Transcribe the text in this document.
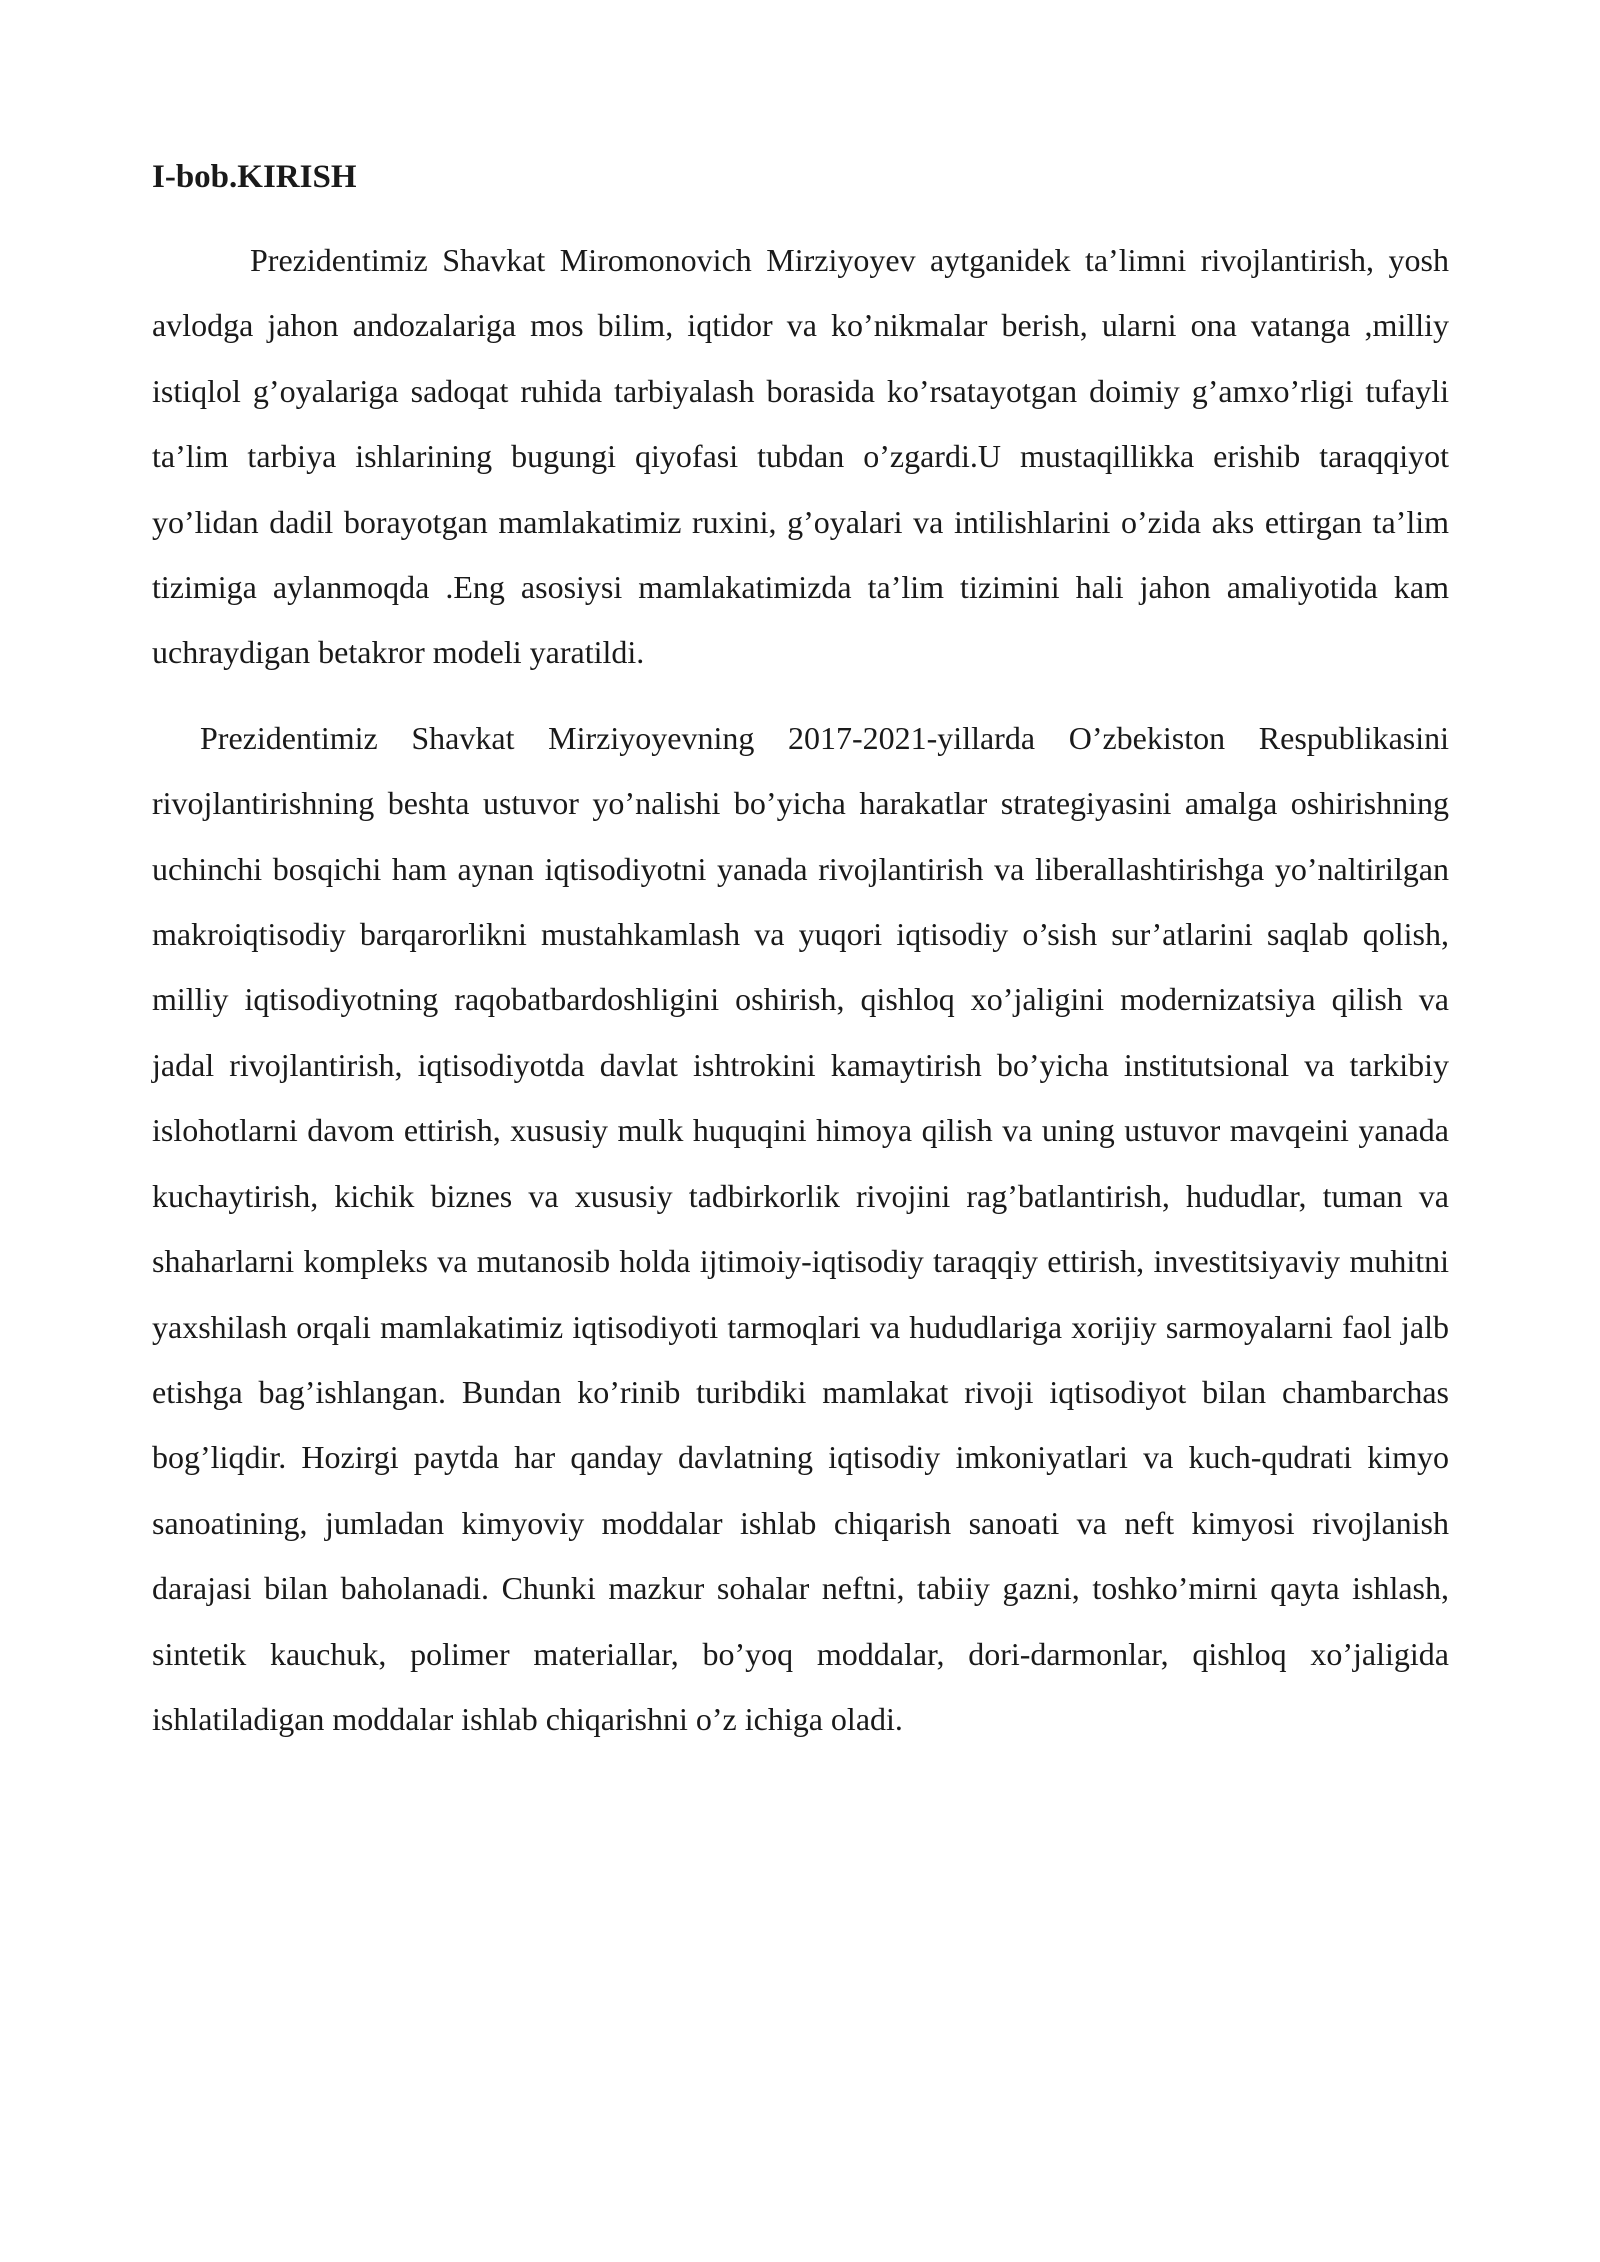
I-bob.KIRISH

Prezidentimiz Shavkat Miromonovich Mirziyoyev aytganidek ta’limni rivojlantirish, yosh avlodga jahon andozalariga mos bilim, iqtidor va ko’nikmalar berish, ularni ona vatanga ,milliy istiqlol g’oyalariga sadoqat ruhida tarbiyalash borasida ko’rsatayotgan doimiy g’amxo’rligi tufayli ta’lim tarbiya ishlarining bugungi qiyofasi tubdan o’zgardi.U mustaqillikka erishib taraqqiyot yo’lidan dadil borayotgan mamlakatimiz ruxini, g’oyalari va intilishlarini o’zida aks ettirgan ta’lim tizimiga aylanmoqda .Eng asosiysi mamlakatimizda ta’lim tizimini hali jahon amaliyotida kam uchraydigan betakror modeli yaratildi.

Prezidentimiz Shavkat Mirziyoyevning 2017-2021-yillarda O’zbekiston Respublikasini rivojlantirishning beshta ustuvor yo’nalishi bo’yicha harakatlar strategiyasini amalga oshirishning uchinchi bosqichi ham aynan iqtisodiyotni yanada rivojlantirish va liberallashtirishga yo’naltirilgan makroiqtisodiy barqarorlikni mustahkamlash va yuqori iqtisodiy o’sish sur’atlarini saqlab qolish, milliy iqtisodiyotning raqobatbardoshligini oshirish, qishloq xo’jaligini modernizatsiya qilish va jadal rivojlantirish, iqtisodiyotda davlat ishtrokini kamaytirish bo’yicha institutsional va tarkibiy islohotlarni davom ettirish, xususiy mulk huquqini himoya qilish va uning ustuvor mavqeini yanada kuchaytirish, kichik biznes va xususiy tadbirkorlik rivojini rag’batlantirish, hududlar, tuman va shaharlarni kompleks va mutanosib holda ijtimoiy-iqtisodiy taraqqiy ettirish, investitsiyaviy muhitni yaxshilash orqali mamlakatimiz iqtisodiyoti tarmoqlari va hududlariga xorijiy sarmoyalarni faol jalb etishga bag’ishlangan. Bundan ko’rinib turibdiki mamlakat rivoji iqtisodiyot bilan chambarchas bog’liqdir. Hozirgi paytda har qanday davlatning iqtisodiy imkoniyatlari va kuch-qudrati kimyo sanoatining, jumladan kimyoviy moddalar ishlab chiqarish sanoati va neft kimyosi rivojlanish darajasi bilan baholanadi. Chunki mazkur sohalar neftni, tabiiy gazni, toshko’mirni qayta ishlash, sintetik kauchuk, polimer materiallar, bo’yoq moddalar, dori-darmonlar, qishloq xo’jaligida ishlatiladigan moddalar ishlab chiqarishni o’z ichiga oladi.
